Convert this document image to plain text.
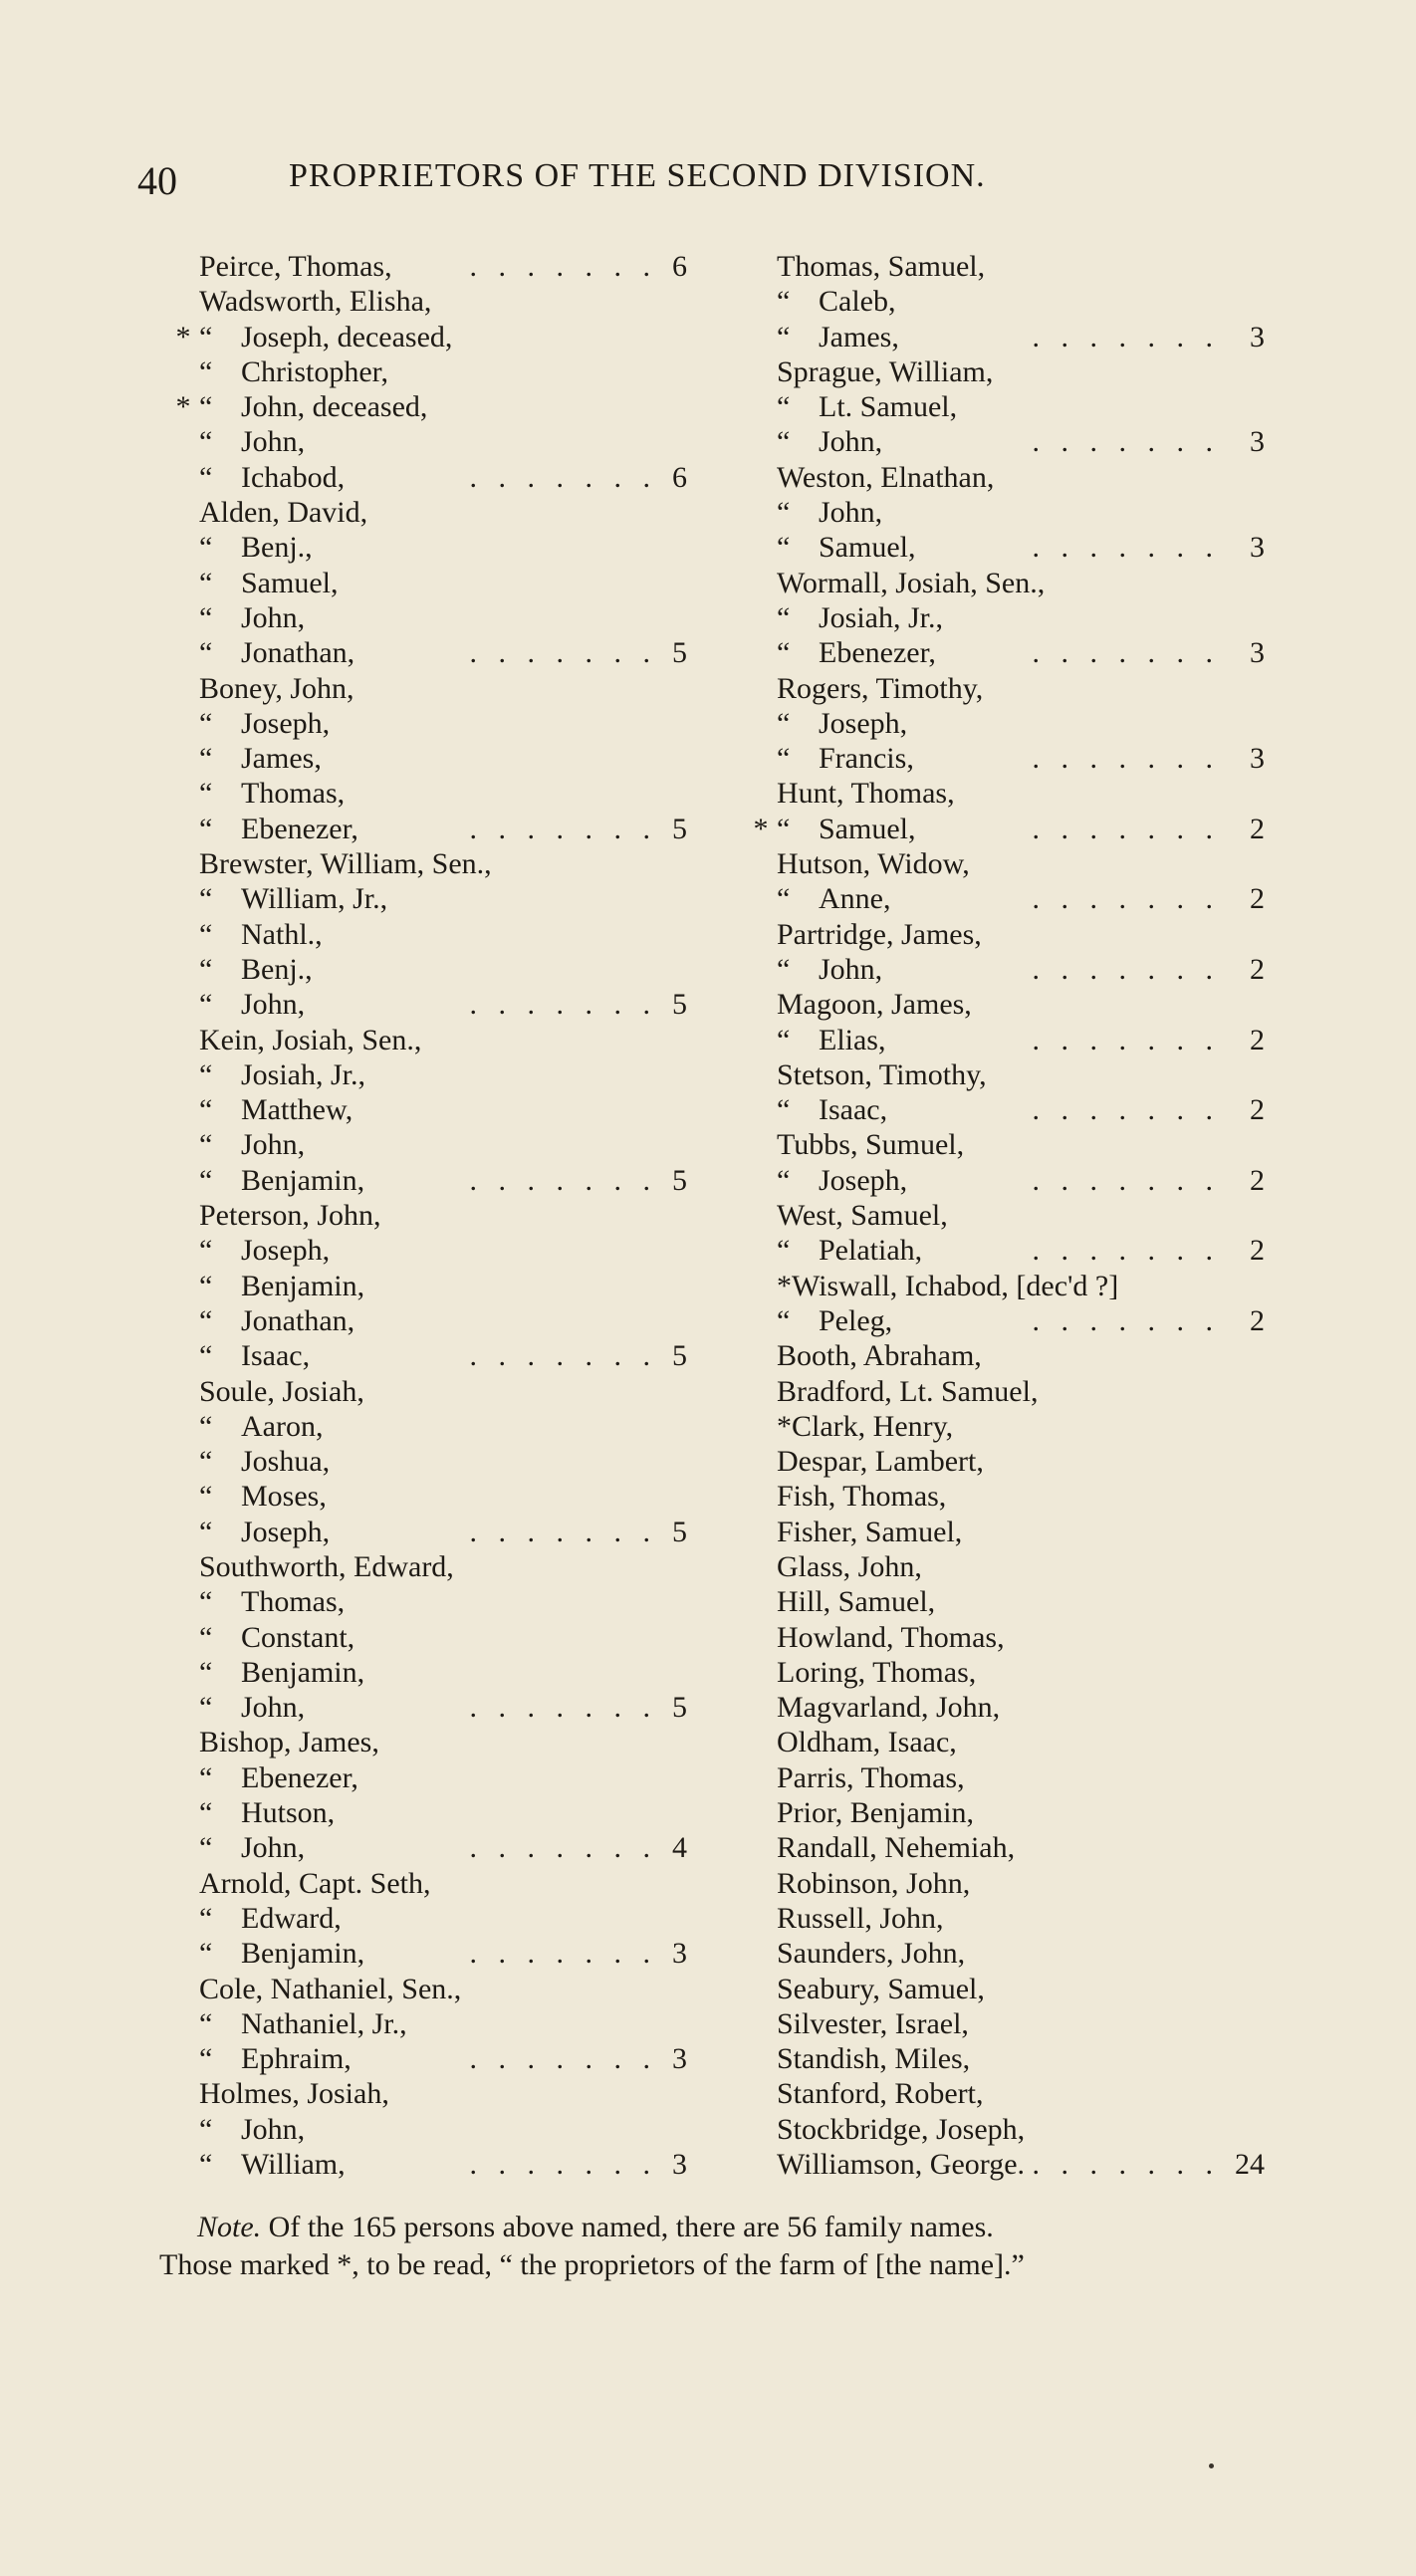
40	PROPRIETORS OF THE SECOND DIVISION.
Peirce, Thomas,	. . . . . . . 6
Wadsworth, Elisha,
* “ Joseph, deceased,
“ Christopher,
* “ John, deceased,
“ John,
“ Ichabod,	. . . . . . . 6
Alden, David,
“ Benj.,
“ Samuel,
“ John,
“ Jonathan,	. . . . . . . 5
Boney, John,
“ Joseph,
“ James,
“ Thomas,
“ Ebenezer,	. . . . . . . 5
Brewster, William, Sen.,
“ William, Jr.,
“ Nathl.,
“ Benj.,
“ John,	. . . . . . . 5
Kein, Josiah, Sen.,
“ Josiah, Jr.,
“ Matthew,
“ John,
“ Benjamin,	. . . . . . . 5
Peterson, John,
“ Joseph,
“ Benjamin,
“ Jonathan,
“ Isaac,	. . . . . . . 5
Soule, Josiah,
“ Aaron,
“ Joshua,
“ Moses,
“ Joseph,	. . . . . . . 5
Southworth, Edward,
“ Thomas,
“ Constant,
“ Benjamin,
“ John,	. . . . . . . 5
Bishop, James,
“ Ebenezer,
“ Hutson,
“ John,	. . . . . . . 4
Arnold, Capt. Seth,
“ Edward,
“ Benjamin,	. . . . . . . 3
Cole, Nathaniel, Sen.,
“ Nathaniel, Jr.,
“ Ephraim,	. . . . . . . 3
Holmes, Josiah,
“ John,
“ William,	. . . . . . . 3
Thomas, Samuel,
“ Caleb,
“ James,	. . . . . . .	3
Sprague, William,
“ Lt. Samuel,
“ John,	. . . . . . .	3
Weston, Elnathan,
“ John,
“ Samuel,	. . . . . . .	3
Wormall, Josiah, Sen.,
“ Josiah, Jr.,
“ Ebenezer,	. . . . . . .	3
Rogers, Timothy,
“ Joseph,
“ Francis,	. . . . . . .	3
Hunt, Thomas,
* “ Samuel,	. . . . . . .	2
Hutson, Widow,
“ Anne,	. . . . . . .	2
Partridge, James,
“ John,	. . . . . . .	2
Magoon, James,
“ Elias,	. . . . . . .	2
Stetson, Timothy,
“ Isaac,	. . . . . . .	2
Tubbs, Sumuel,
“ Joseph,	. . . . . . .	2
West, Samuel,
“ Pelatiah,	. . . . . . .	2
*Wiswall, Ichabod, [dec'd ?]
“ Peleg,	. . . . . . .	2
Booth, Abraham,
Bradford, Lt. Samuel,
*Clark, Henry,
Despar, Lambert,
Fish, Thomas,
Fisher, Samuel,
Glass, John,
Hill, Samuel,
Howland, Thomas,
Loring, Thomas,
Magvarland, John,
Oldham, Isaac,
Parris, Thomas,
Prior, Benjamin,
Randall, Nehemiah,
Robinson, John,
Russell, John,
Saunders, John,
Seabury, Samuel,
Silvester, Israel,
Standish, Miles,
Stanford, Robert,
Stockbridge, Joseph,
Williamson, George. . . . . . . . 24
Note. Of the 165 persons above named, there are 56 family names.
Those marked *, to be read, “ the proprietors of the farm of [the name].”
